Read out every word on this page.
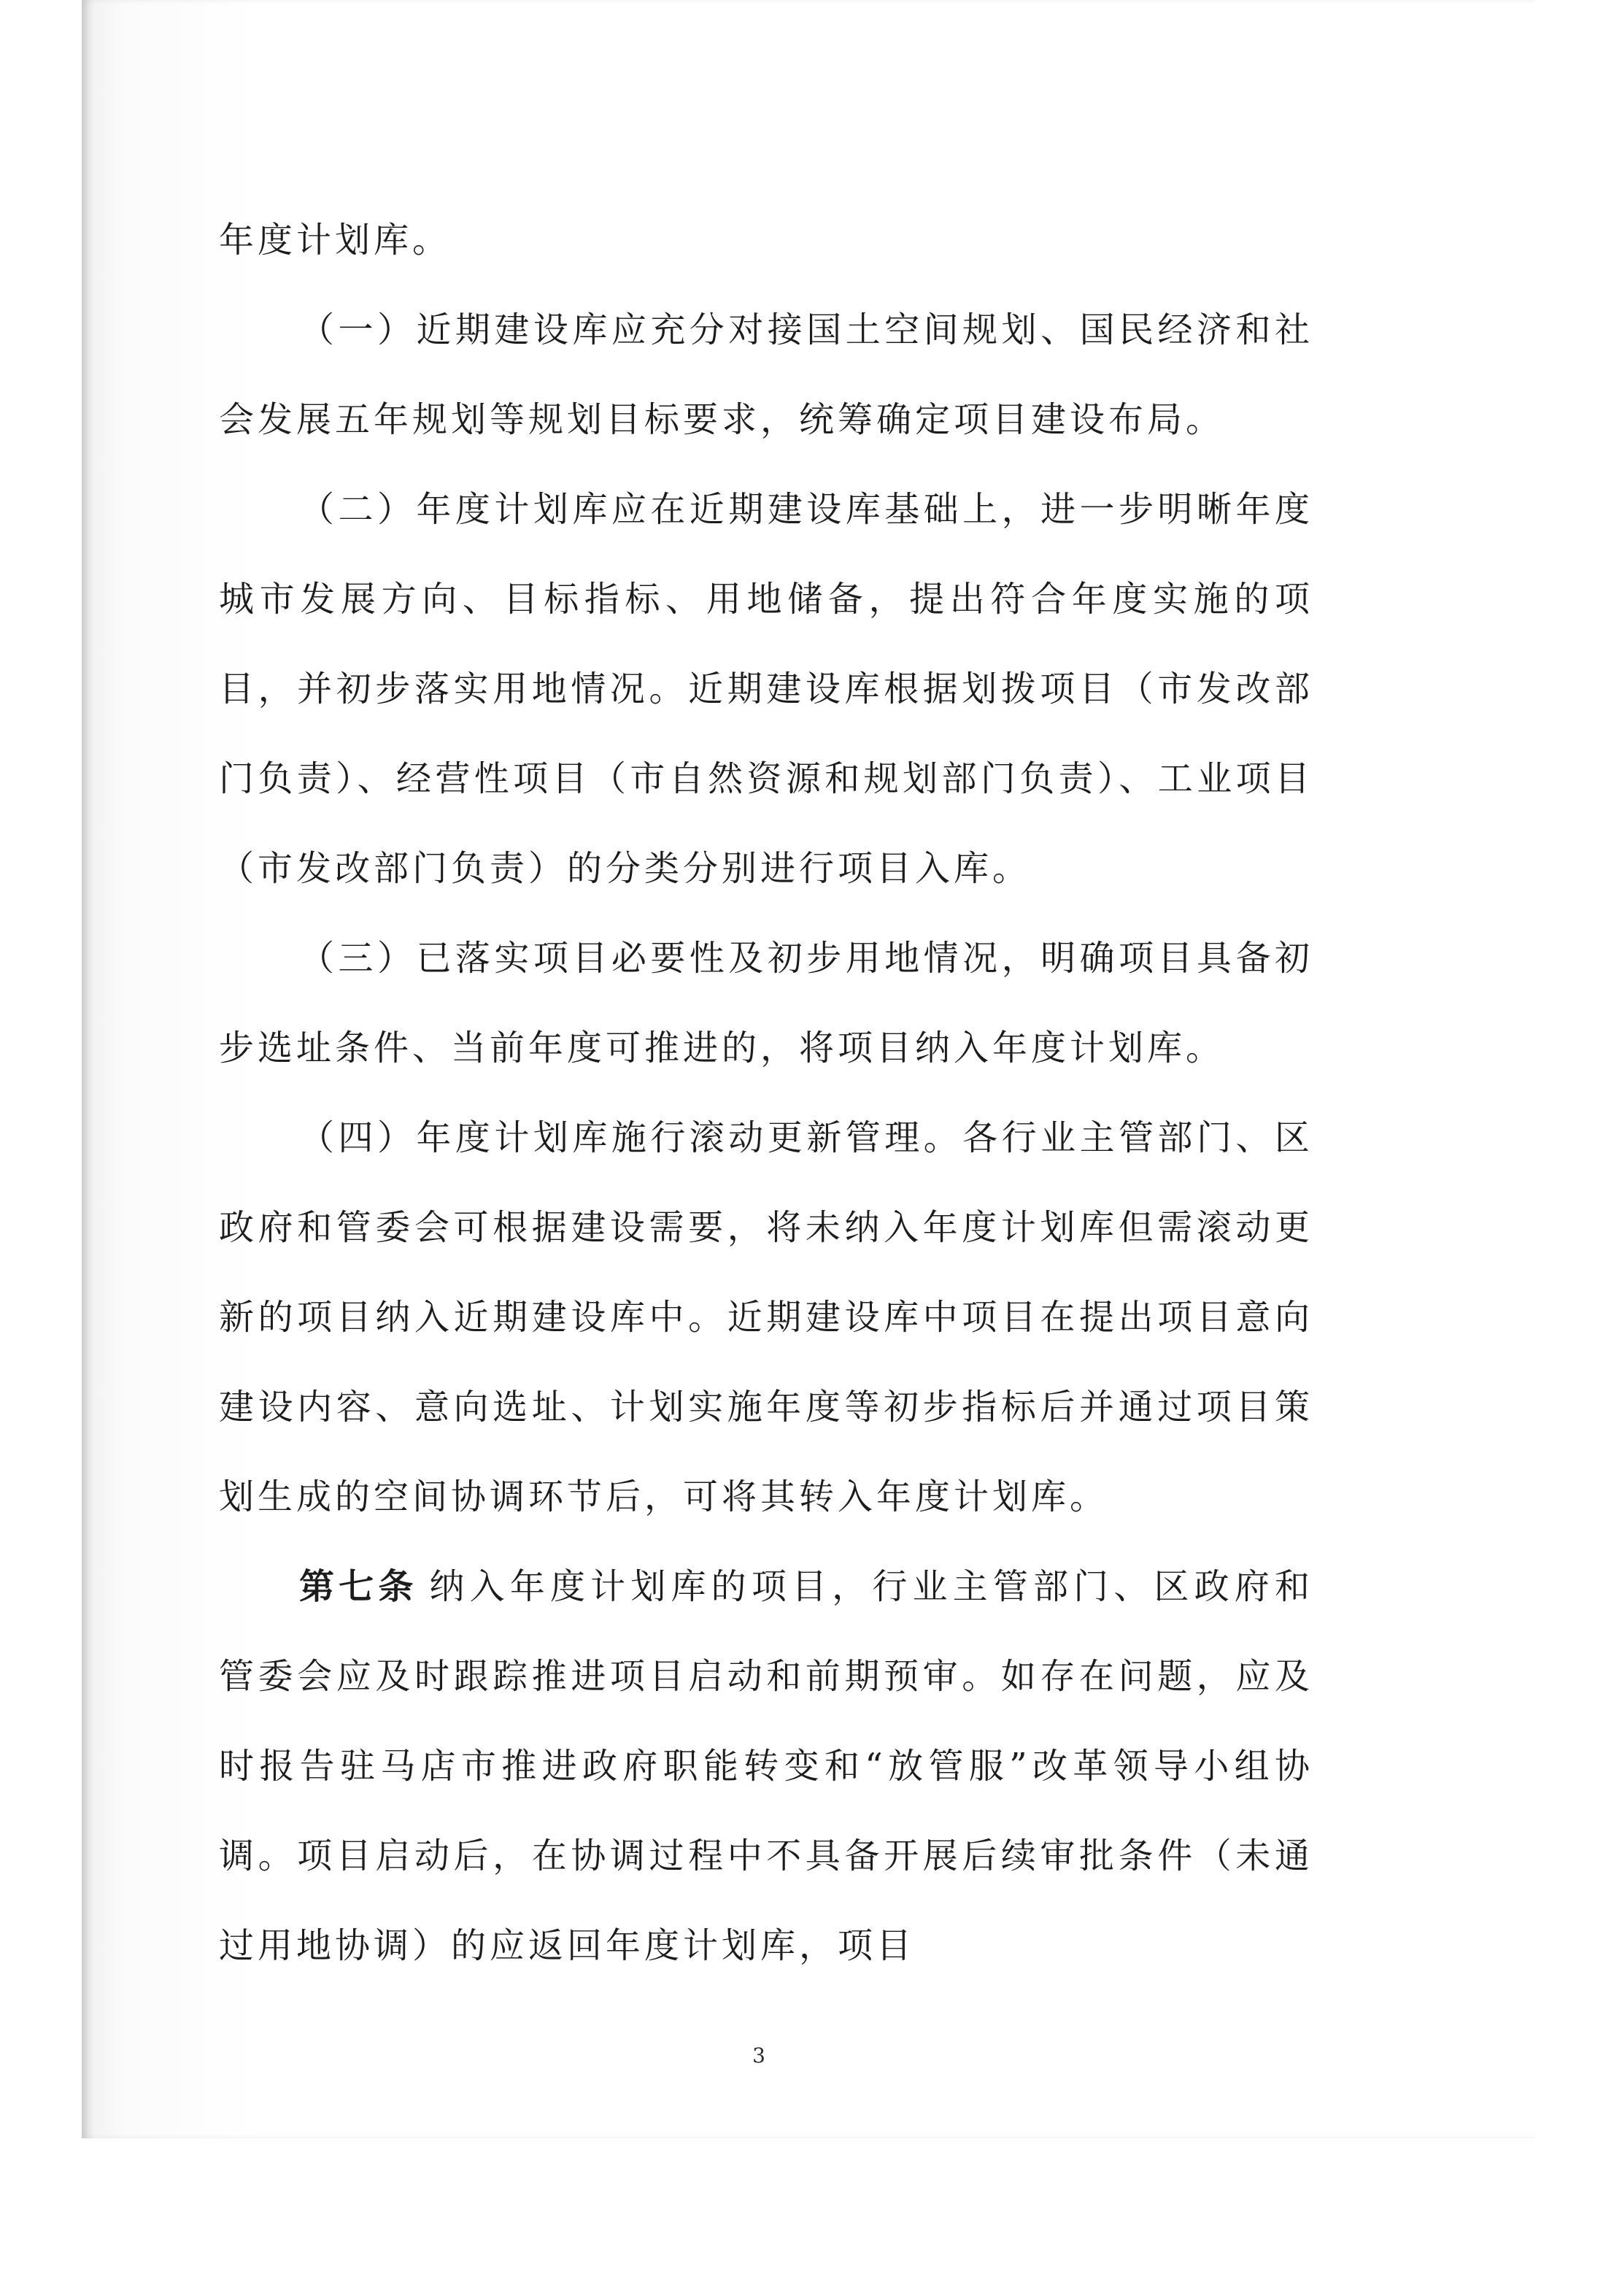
年度计划库。

（一）近期建设库应充分对接国土空间规划、国民经济和社会发展五年规划等规划目标要求，统筹确定项目建设布局。

（二）年度计划库应在近期建设库基础上，进一步明晰年度城市发展方向、目标指标、用地储备，提出符合年度实施的项目，并初步落实用地情况。近期建设库根据划拨项目（市发改部门负责）、经营性项目（市自然资源和规划部门负责）、工业项目（市发改部门负责）的分类分别进行项目入库。

（三）已落实项目必要性及初步用地情况，明确项目具备初步选址条件、当前年度可推进的，将项目纳入年度计划库。

（四）年度计划库施行滚动更新管理。各行业主管部门、区政府和管委会可根据建设需要，将未纳入年度计划库但需滚动更新的项目纳入近期建设库中。近期建设库中项目在提出项目意向建设内容、意向选址、计划实施年度等初步指标后并通过项目策划生成的空间协调环节后，可将其转入年度计划库。

第七条 纳入年度计划库的项目，行业主管部门、区政府和管委会应及时跟踪推进项目启动和前期预审。如存在问题，应及时报告驻马店市推进政府职能转变和“放管服”改革领导小组协调。项目启动后，在协调过程中不具备开展后续审批条件（未通过用地协调）的应返回年度计划库，项目

3
